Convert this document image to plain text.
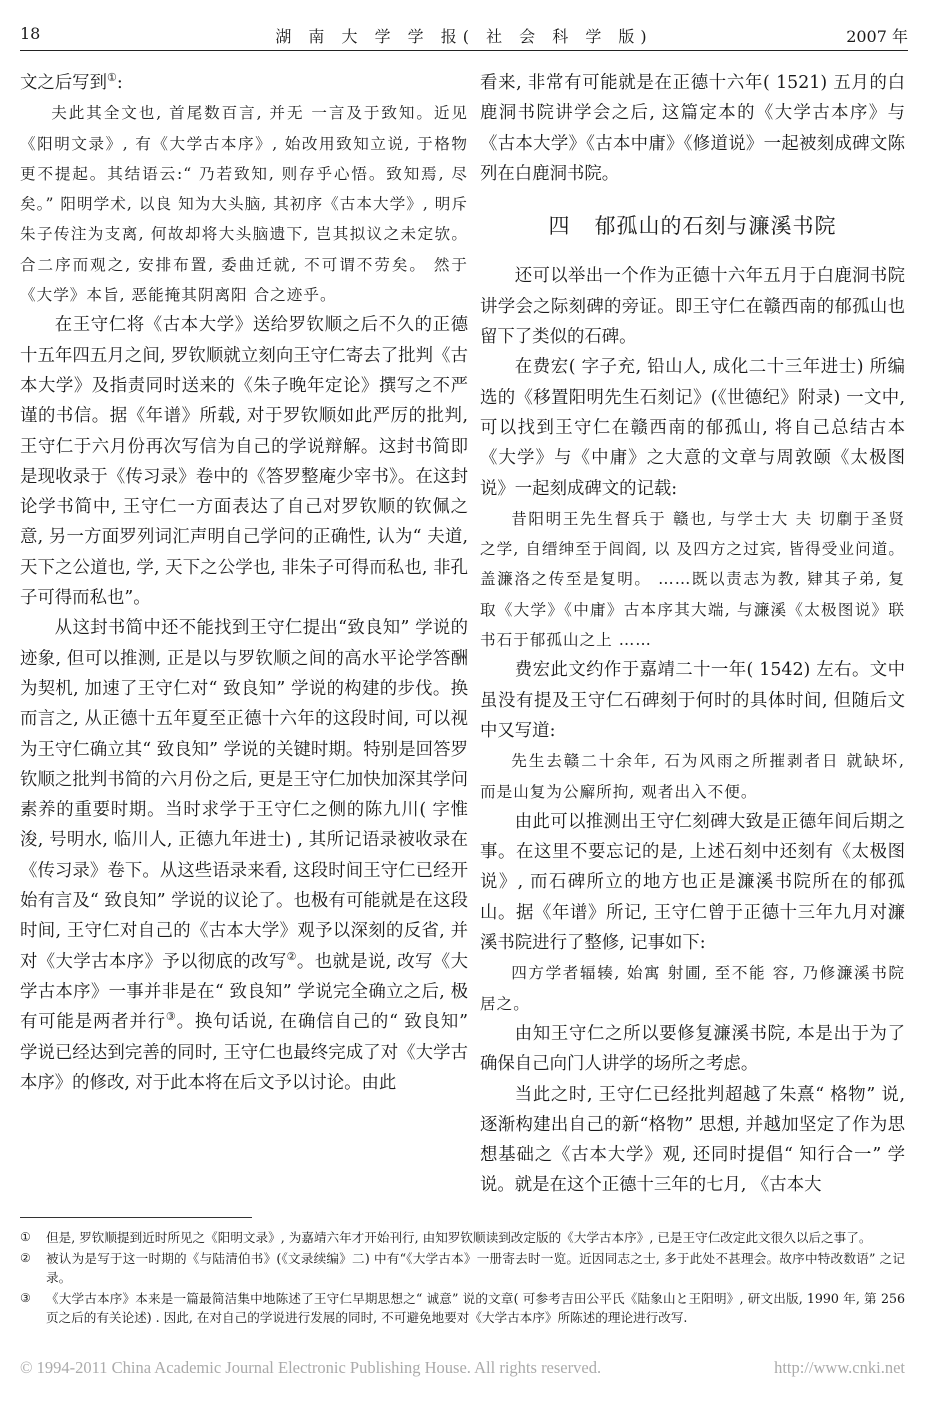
18	湖 南 大 学 学 报( 社 会 科 学 版)	2007 年

文之后写到①:

夫此其全文也, 首尾数百言, 并无 一言及于致知。近见《阳明文录》, 有《大学古本序》, 始改用致知立说, 于格物更不提起。其结语云:“ 乃若致知, 则存乎心悟。致知焉, 尽矣。” 阳明学术, 以良 知为大头脑, 其初序《古本大学》, 明斥朱子传注为支离, 何故却将大头脑遗下, 岂其拟议之未定欤。 合二序而观之, 安排布置, 委曲迁就, 不可谓不劳矣。 然于《大学》本旨, 恶能掩其阴离阳 合之迹乎。

在王守仁将《古本大学》送给罗钦顺之后不久的正德十五年四五月之间, 罗钦顺就立刻向王守仁寄去了批判《古本大学》及指责同时送来的《朱子晚年定论》撰写之不严谨的书信。据《年谱》所载, 对于罗钦顺如此严厉的批判, 王守仁于六月份再次写信为自己的学说辩解。这封书简即是现收录于《传习录》卷中的《答罗整庵少宰书》。在这封论学书简中, 王守仁一方面表达了自己对罗钦顺的钦佩之意, 另一方面罗列词汇声明自己学问的正确性, 认为“ 夫道, 天下之公道也, 学, 天下之公学也, 非朱子可得而私也, 非孔子可得而私也”。

从这封书简中还不能找到王守仁提出“致良知” 学说的迹象, 但可以推测, 正是以与罗钦顺之间的高水平论学答酬为契机, 加速了王守仁对“ 致良知” 学说的构建的步伐。换而言之, 从正德十五年夏至正德十六年的这段时间, 可以视为王守仁确立其“ 致良知” 学说的关键时期。特别是回答罗钦顺之批判书简的六月份之后, 更是王守仁加快加深其学问素养的重要时期。当时求学于王守仁之侧的陈九川( 字惟浚, 号明水, 临川人, 正德九年进士) , 其所记语录被收录在《传习录》卷下。从这些语录来看, 这段时间王守仁已经开始有言及“ 致良知” 学说的议论了。也极有可能就是在这段时间, 王守仁对自己的《古本大学》观予以深刻的反省, 并对《大学古本序》予以彻底的改写②。也就是说, 改写《大学古本序》一事并非是在“ 致良知” 学说完全确立之后, 极有可能是两者并行③。换句话说, 在确信自己的“ 致良知” 学说已经达到完善的同时, 王守仁也最终完成了对《大学古本序》的修改, 对于此本将在后文予以讨论。由此

看来, 非常有可能就是在正德十六年( 1521) 五月的白鹿洞书院讲学会之后, 这篇定本的《大学古本序》与《古本大学》《古本中庸》《修道说》一起被刻成碑文陈列在白鹿洞书院。

四 郁孤山的石刻与濂溪书院

还可以举出一个作为正德十六年五月于白鹿洞书院讲学会之际刻碑的旁证。即王守仁在赣西南的郁孤山也留下了类似的石碑。

在费宏( 字子充, 铅山人, 成化二十三年进士) 所编选的《移置阳明先生石刻记》(《世德纪》附录) 一文中, 可以找到王守仁在赣西南的郁孤山, 将自己总结古本《大学》与《中庸》之大意的文章与周敦颐《太极图说》一起刻成碑文的记载:

昔阳明王先生督兵于 赣也, 与学士大 夫 切劘于圣贤之学, 自缙绅至于闾阎, 以 及四方之过宾, 皆得受业问道。 盖濂洛之传至是复明。 ……既以责志为教, 肄其子弟, 复取《大学》《中庸》古本序其大端, 与濂溪《太极图说》联书石于郁孤山之上 ……

费宏此文约作于嘉靖二十一年( 1542) 左右。文中虽没有提及王守仁石碑刻于何时的具体时间, 但随后文中又写道:

先生去赣二十余年, 石为风雨之所摧剥者日 就缺坏, 而是山复为公廨所拘, 观者出入不便。

由此可以推测出王守仁刻碑大致是正德年间后期之事。在这里不要忘记的是, 上述石刻中还刻有《太极图说》, 而石碑所立的地方也正是濂溪书院所在的郁孤山。据《年谱》所记, 王守仁曾于正德十三年九月对濂溪书院进行了整修, 记事如下:

四方学者辐辏, 始寓 射圃, 至不能 容, 乃修濂溪书院居之。

由知王守仁之所以要修复濂溪书院, 本是出于为了确保自己向门人讲学的场所之考虑。

当此之时, 王守仁已经批判超越了朱熹“ 格物” 说, 逐渐构建出自己的新“格物” 思想, 并越加坚定了作为思想基础之《古本大学》观, 还同时提倡“ 知行合一” 学说。就是在这个正德十三年的七月, 《古本大

①	但是, 罗钦顺提到近时所见之《阳明文录》, 为嘉靖六年才开始刊行, 由知罗钦顺读到改定版的《大学古本序》, 已是王守仁改定此文很久以后之事了。
②	被认为是写于这一时期的《与陆清伯书》(《文录续编》二) 中有“《大学古本》一册寄去时一览。近因同志之士, 多于此处不甚理会。故序中特改数语” 之记录。
③	《大学古本序》本来是一篇最简洁集中地陈述了王守仁早期思想之“ 诚意” 说的文章( 可参考吉田公平氏《陆象山と王阳明》, 研文出版, 1990 年, 第 256 页之后的有关论述) . 因此, 在对自己的学说进行发展的同时, 不可避免地要对《大学古本序》所陈述的理论进行改写.
© 1994-2011 China Academic Journal Electronic Publishing House. All rights reserved.	http://www.cnki.net
